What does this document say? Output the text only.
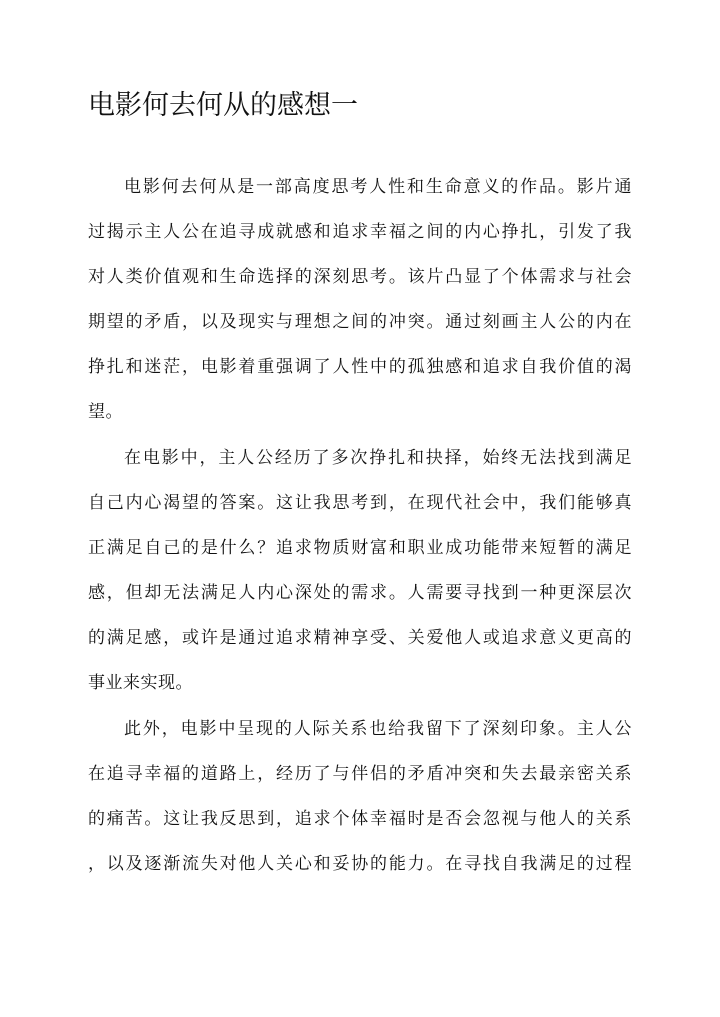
电影何去何从的感想一
电影何去何从是一部高度思考人性和生命意义的作品。影片通
过揭示主人公在追寻成就感和追求幸福之间的内心挣扎，引发了我
对人类价值观和生命选择的深刻思考。该片凸显了个体需求与社会
期望的矛盾，以及现实与理想之间的冲突。通过刻画主人公的内在
挣扎和迷茫，电影着重强调了人性中的孤独感和追求自我价值的渴
望。
在电影中，主人公经历了多次挣扎和抉择，始终无法找到满足
自己内心渴望的答案。这让我思考到，在现代社会中，我们能够真
正满足自己的是什么？追求物质财富和职业成功能带来短暂的满足
感，但却无法满足人内心深处的需求。人需要寻找到一种更深层次
的满足感，或许是通过追求精神享受、关爱他人或追求意义更高的
事业来实现。
此外，电影中呈现的人际关系也给我留下了深刻印象。主人公
在追寻幸福的道路上，经历了与伴侣的矛盾冲突和失去最亲密关系
的痛苦。这让我反思到，追求个体幸福时是否会忽视与他人的关系
，以及逐渐流失对他人关心和妥协的能力。在寻找自我满足的过程
